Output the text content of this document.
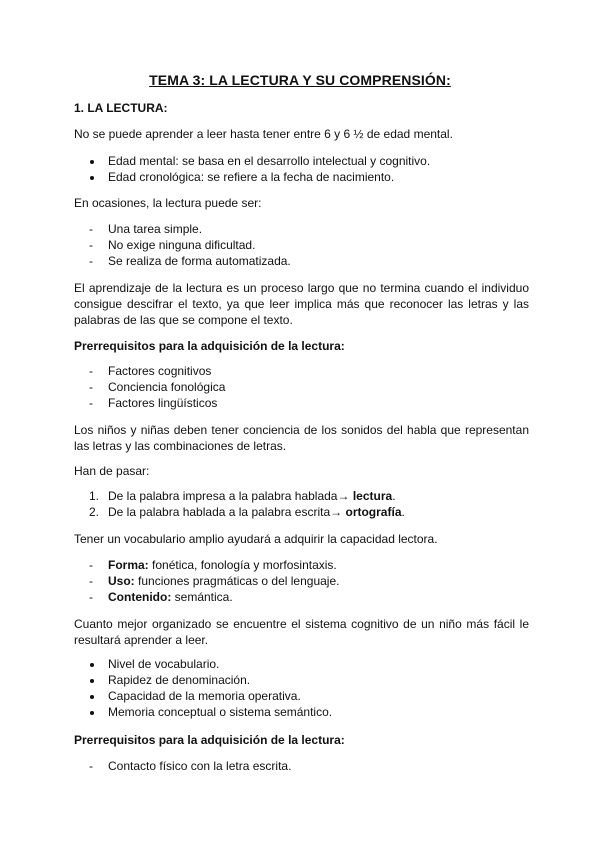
TEMA 3: LA LECTURA Y SU COMPRENSIÓN:
1. LA LECTURA:
No se puede aprender a leer hasta tener entre 6 y 6 ½ de edad mental.
Edad mental: se basa en el desarrollo intelectual y cognitivo.
Edad cronológica: se refiere a la fecha de nacimiento.
En ocasiones, la lectura puede ser:
- Una tarea simple.
- No exige ninguna dificultad.
- Se realiza de forma automatizada.
El aprendizaje de la lectura es un proceso largo que no termina cuando el individuo
consigue descifrar el texto, ya que leer implica más que reconocer las letras y las
palabras de las que se compone el texto.
Prerrequisitos para la adquisición de la lectura:
- Factores cognitivos
- Conciencia fonológica
- Factores lingüísticos
Los niños y niñas deben tener conciencia de los sonidos del habla que representan
las letras y las combinaciones de letras.
Han de pasar:
1. De la palabra impresa a la palabra hablada→ lectura.
2. De la palabra hablada a la palabra escrita→ ortografía.
Tener un vocabulario amplio ayudará a adquirir la capacidad lectora.
- Forma: fonética, fonología y morfosintaxis.
- Uso: funciones pragmáticas o del lenguaje.
- Contenido: semántica.
Cuanto mejor organizado se encuentre el sistema cognitivo de un niño más fácil le
resultará aprender a leer.
Nivel de vocabulario.
Rapidez de denominación.
Capacidad de la memoria operativa.
Memoria conceptual o sistema semántico.
Prerrequisitos para la adquisición de la lectura:
- Contacto físico con la letra escrita.
